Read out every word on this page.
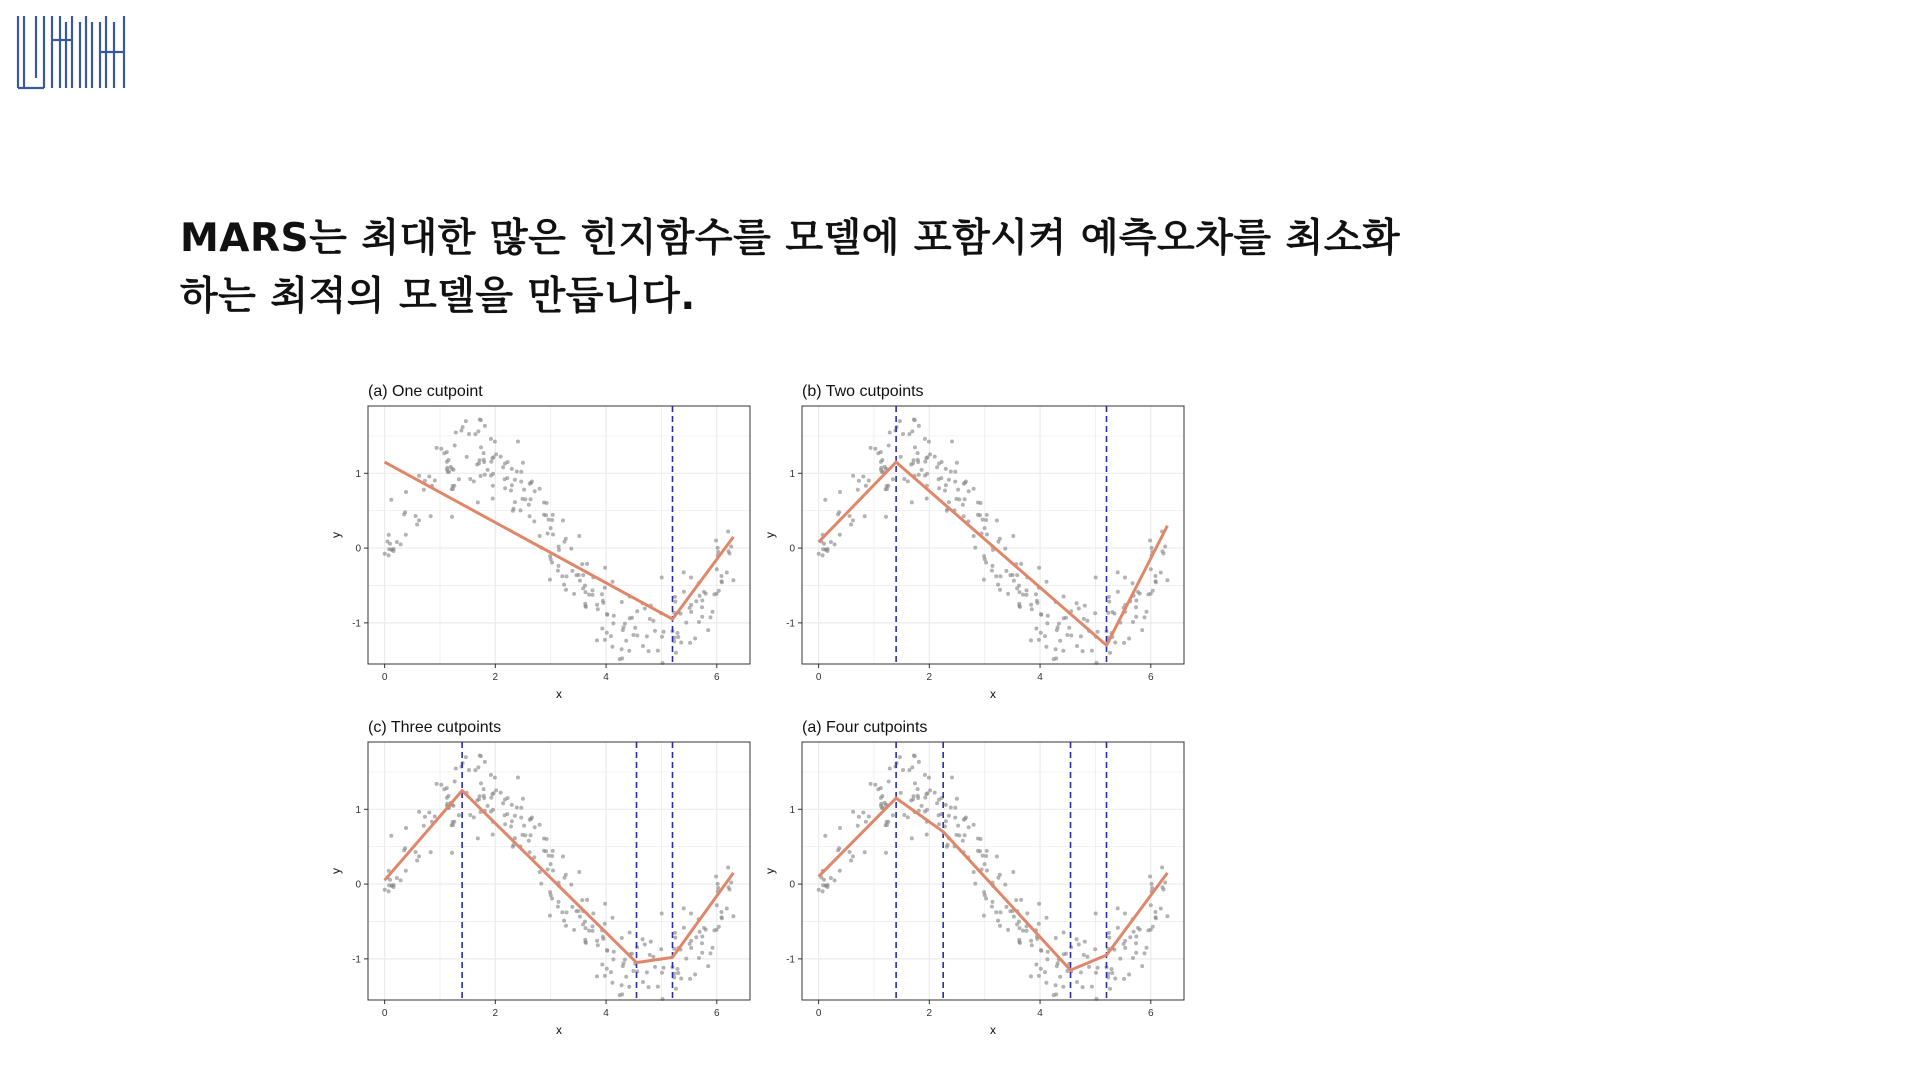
MARS는 최대한 많은 힌지함수를 모델에 포함시켜 예측오차를 최소화
하는 최적의 모델을 만듭니다.
(a) One cutpoint
0	2	4	6
-1
0
1
x
y
(b) Two cutpoints
0	2	4	6
-1
0
1
x
y
(c) Three cutpoints
0	2	4	6
-1
0
1
x
y
(a) Four cutpoints
0	2	4	6
-1
0
1
x
y
